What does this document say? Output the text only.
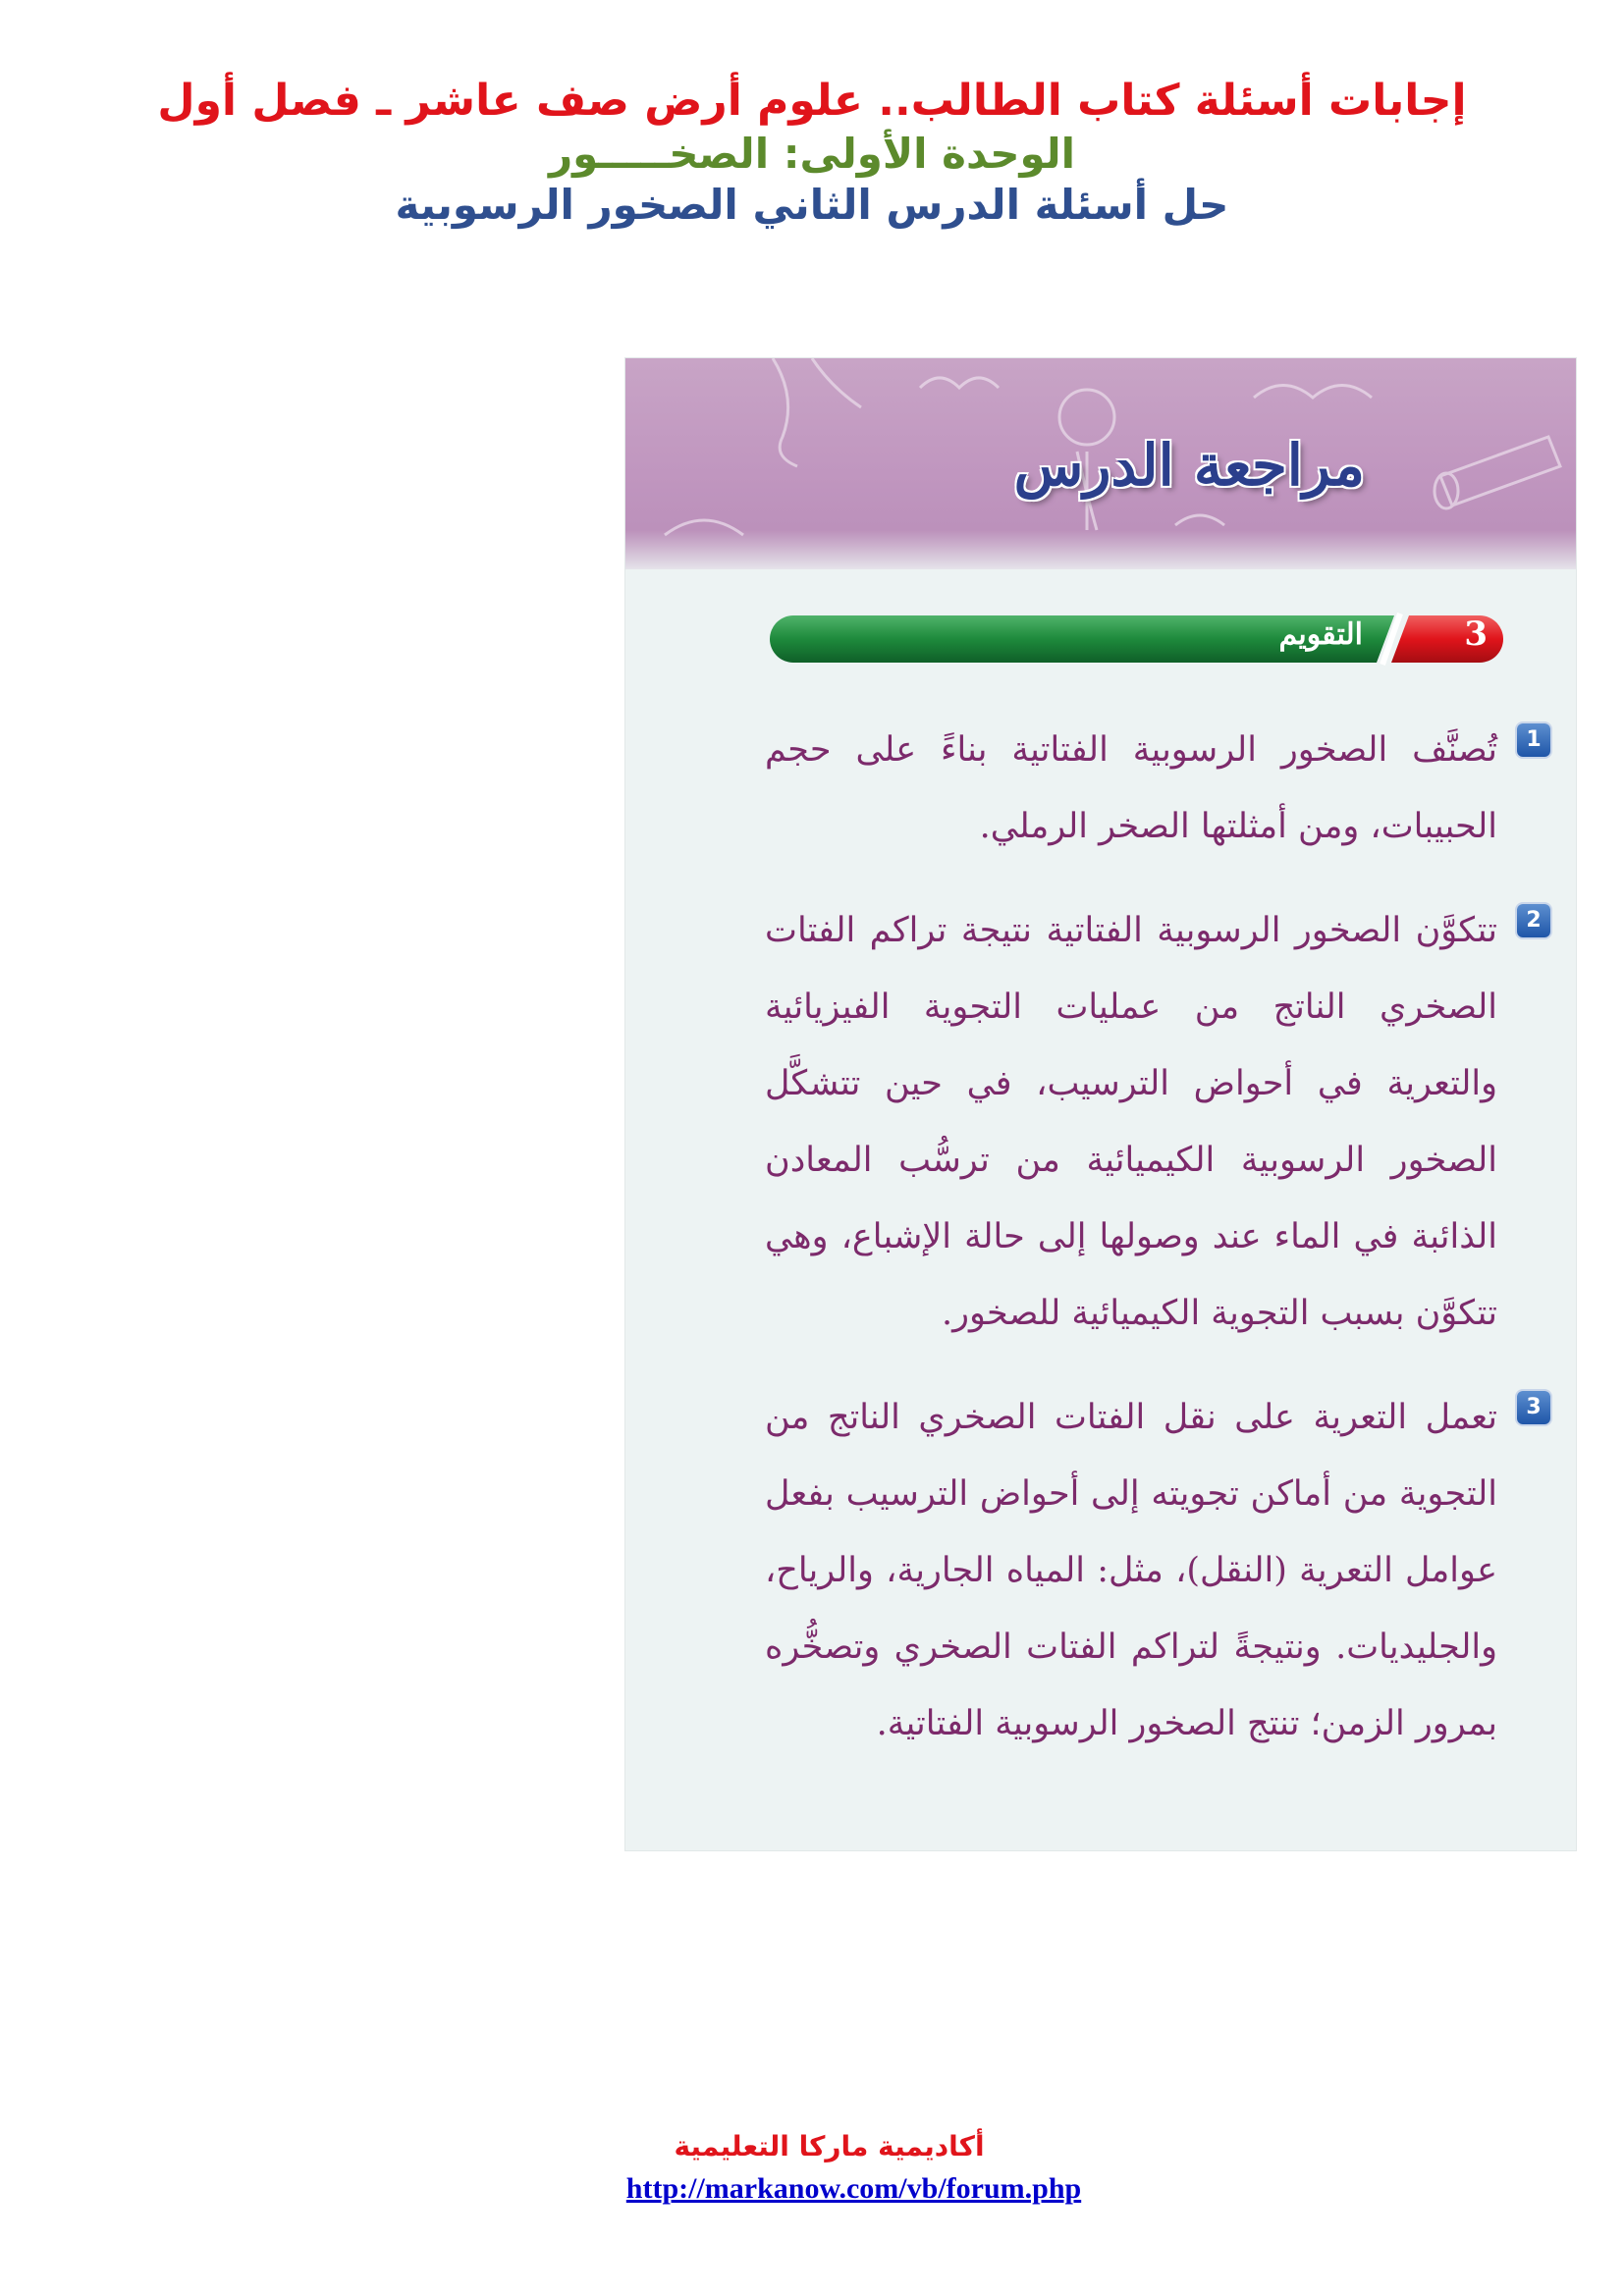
إجابات أسئلة كتاب الطالب.. علوم أرض صف عاشر ـ فصل أول

الوحدة الأولى: الصخـــــور

حل أسئلة الدرس الثاني الصخور الرسوبية

مراجعة الدرس
التقويم	3
1

تُصنَّف الصخور الرسوبية الفتاتية بناءً على حجم الحبيبات، ومن أمثلتها الصخر الرملي.

2

تتكوَّن الصخور الرسوبية الفتاتية نتيجة تراكم الفتات الصخري الناتج من عمليات التجوية الفيزيائية والتعرية في أحواض الترسيب، في حين تتشكَّل الصخور الرسوبية الكيميائية من ترسُّب المعادن الذائبة في الماء عند وصولها إلى حالة الإشباع، وهي تتكوَّن بسبب التجوية الكيميائية للصخور.

3

تعمل التعرية على نقل الفتات الصخري الناتج من التجوية من أماكن تجويته إلى أحواض الترسيب بفعل عوامل التعرية (النقل)، مثل: المياه الجارية، والرياح، والجليديات. ونتيجةً لتراكم الفتات الصخري وتصخُّره بمرور الزمن؛ تنتج الصخور الرسوبية الفتاتية.

أكاديمية ماركا التعليمية

http://markanow.com/vb/forum.php
